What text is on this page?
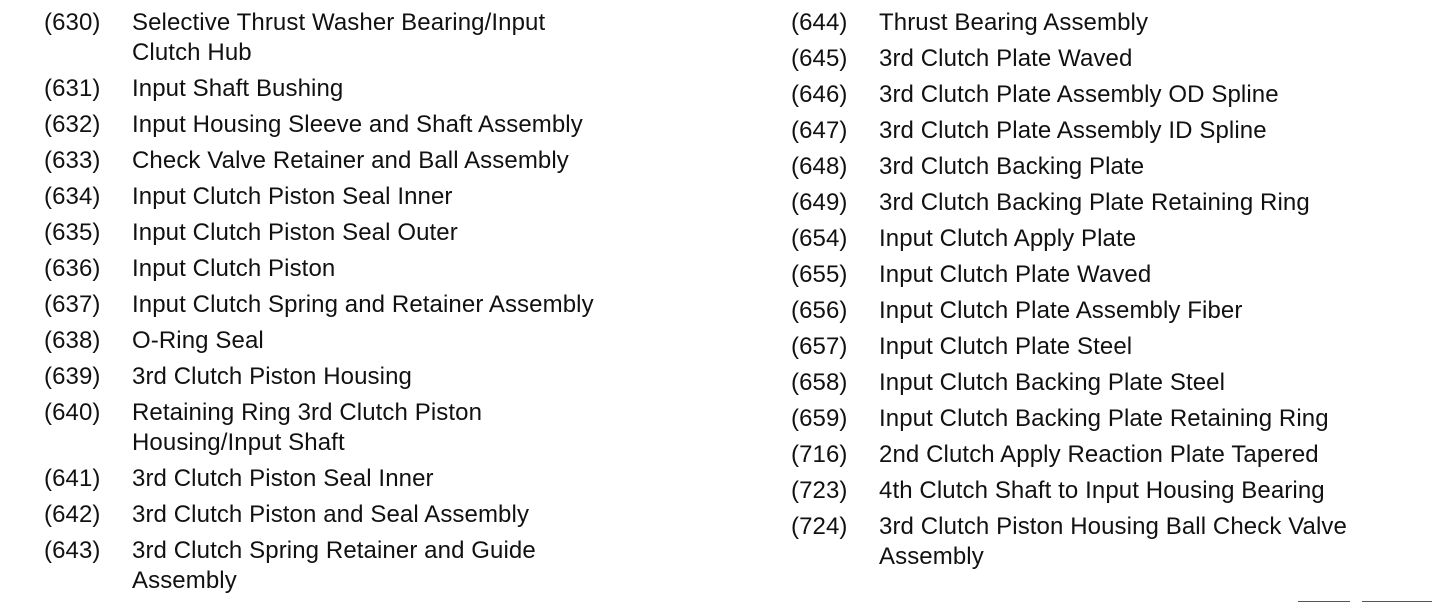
(630)	Selective Thrust Washer Bearing/Input
Clutch Hub
(631)	Input Shaft Bushing
(632)	Input Housing Sleeve and Shaft Assembly
(633)	Check Valve Retainer and Ball Assembly
(634)	Input Clutch Piston Seal Inner
(635)	Input Clutch Piston Seal Outer
(636)	Input Clutch Piston
(637)	Input Clutch Spring and Retainer Assembly
(638)	O-Ring Seal
(639)	3rd Clutch Piston Housing
(640)	Retaining Ring 3rd Clutch Piston
Housing/Input Shaft
(641)	3rd Clutch Piston Seal Inner
(642)	3rd Clutch Piston and Seal Assembly
(643)	3rd Clutch Spring Retainer and Guide
Assembly
(644)	Thrust Bearing Assembly
(645)	3rd Clutch Plate Waved
(646)	3rd Clutch Plate Assembly OD Spline
(647)	3rd Clutch Plate Assembly ID Spline
(648)	3rd Clutch Backing Plate
(649)	3rd Clutch Backing Plate Retaining Ring
(654)	Input Clutch Apply Plate
(655)	Input Clutch Plate Waved
(656)	Input Clutch Plate Assembly Fiber
(657)	Input Clutch Plate Steel
(658)	Input Clutch Backing Plate Steel
(659)	Input Clutch Backing Plate Retaining Ring
(716)	2nd Clutch Apply Reaction Plate Tapered
(723)	4th Clutch Shaft to Input Housing Bearing
(724)	3rd Clutch Piston Housing Ball Check Valve
Assembly
